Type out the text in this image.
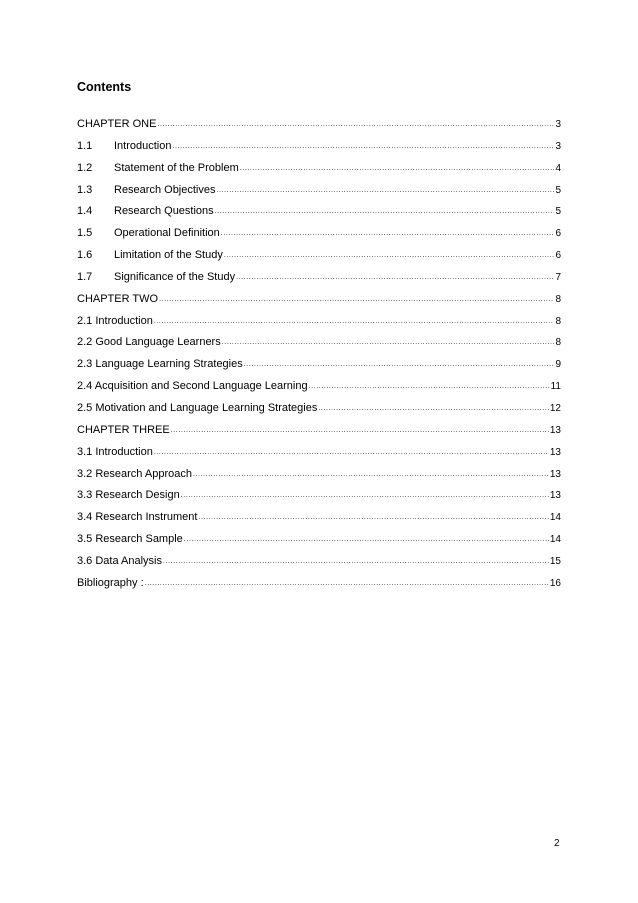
Contents
CHAPTER ONE .....	3
1.1	Introduction .....	3
1.2	Statement of the Problem .....	4
1.3	Research Objectives .....	5
1.4	Research Questions .....	5
1.5	Operational Definition .....	6
1.6	Limitation of the Study .....	6
1.7	Significance of the Study .....	7
CHAPTER TWO .....	8
2.1 Introduction .....	8
2.2 Good Language Learners .....	8
2.3 Language Learning Strategies .....	9
2.4 Acquisition and Second Language Learning .....	11
2.5 Motivation and Language Learning Strategies .....	12
CHAPTER THREE .....	13
3.1 Introduction .....	13
3.2 Research Approach .....	13
3.3 Research Design .....	13
3.4 Research Instrument .....	14
3.5 Research Sample .....	14
3.6 Data Analysis .....	15
Bibliography : .....	16
2
